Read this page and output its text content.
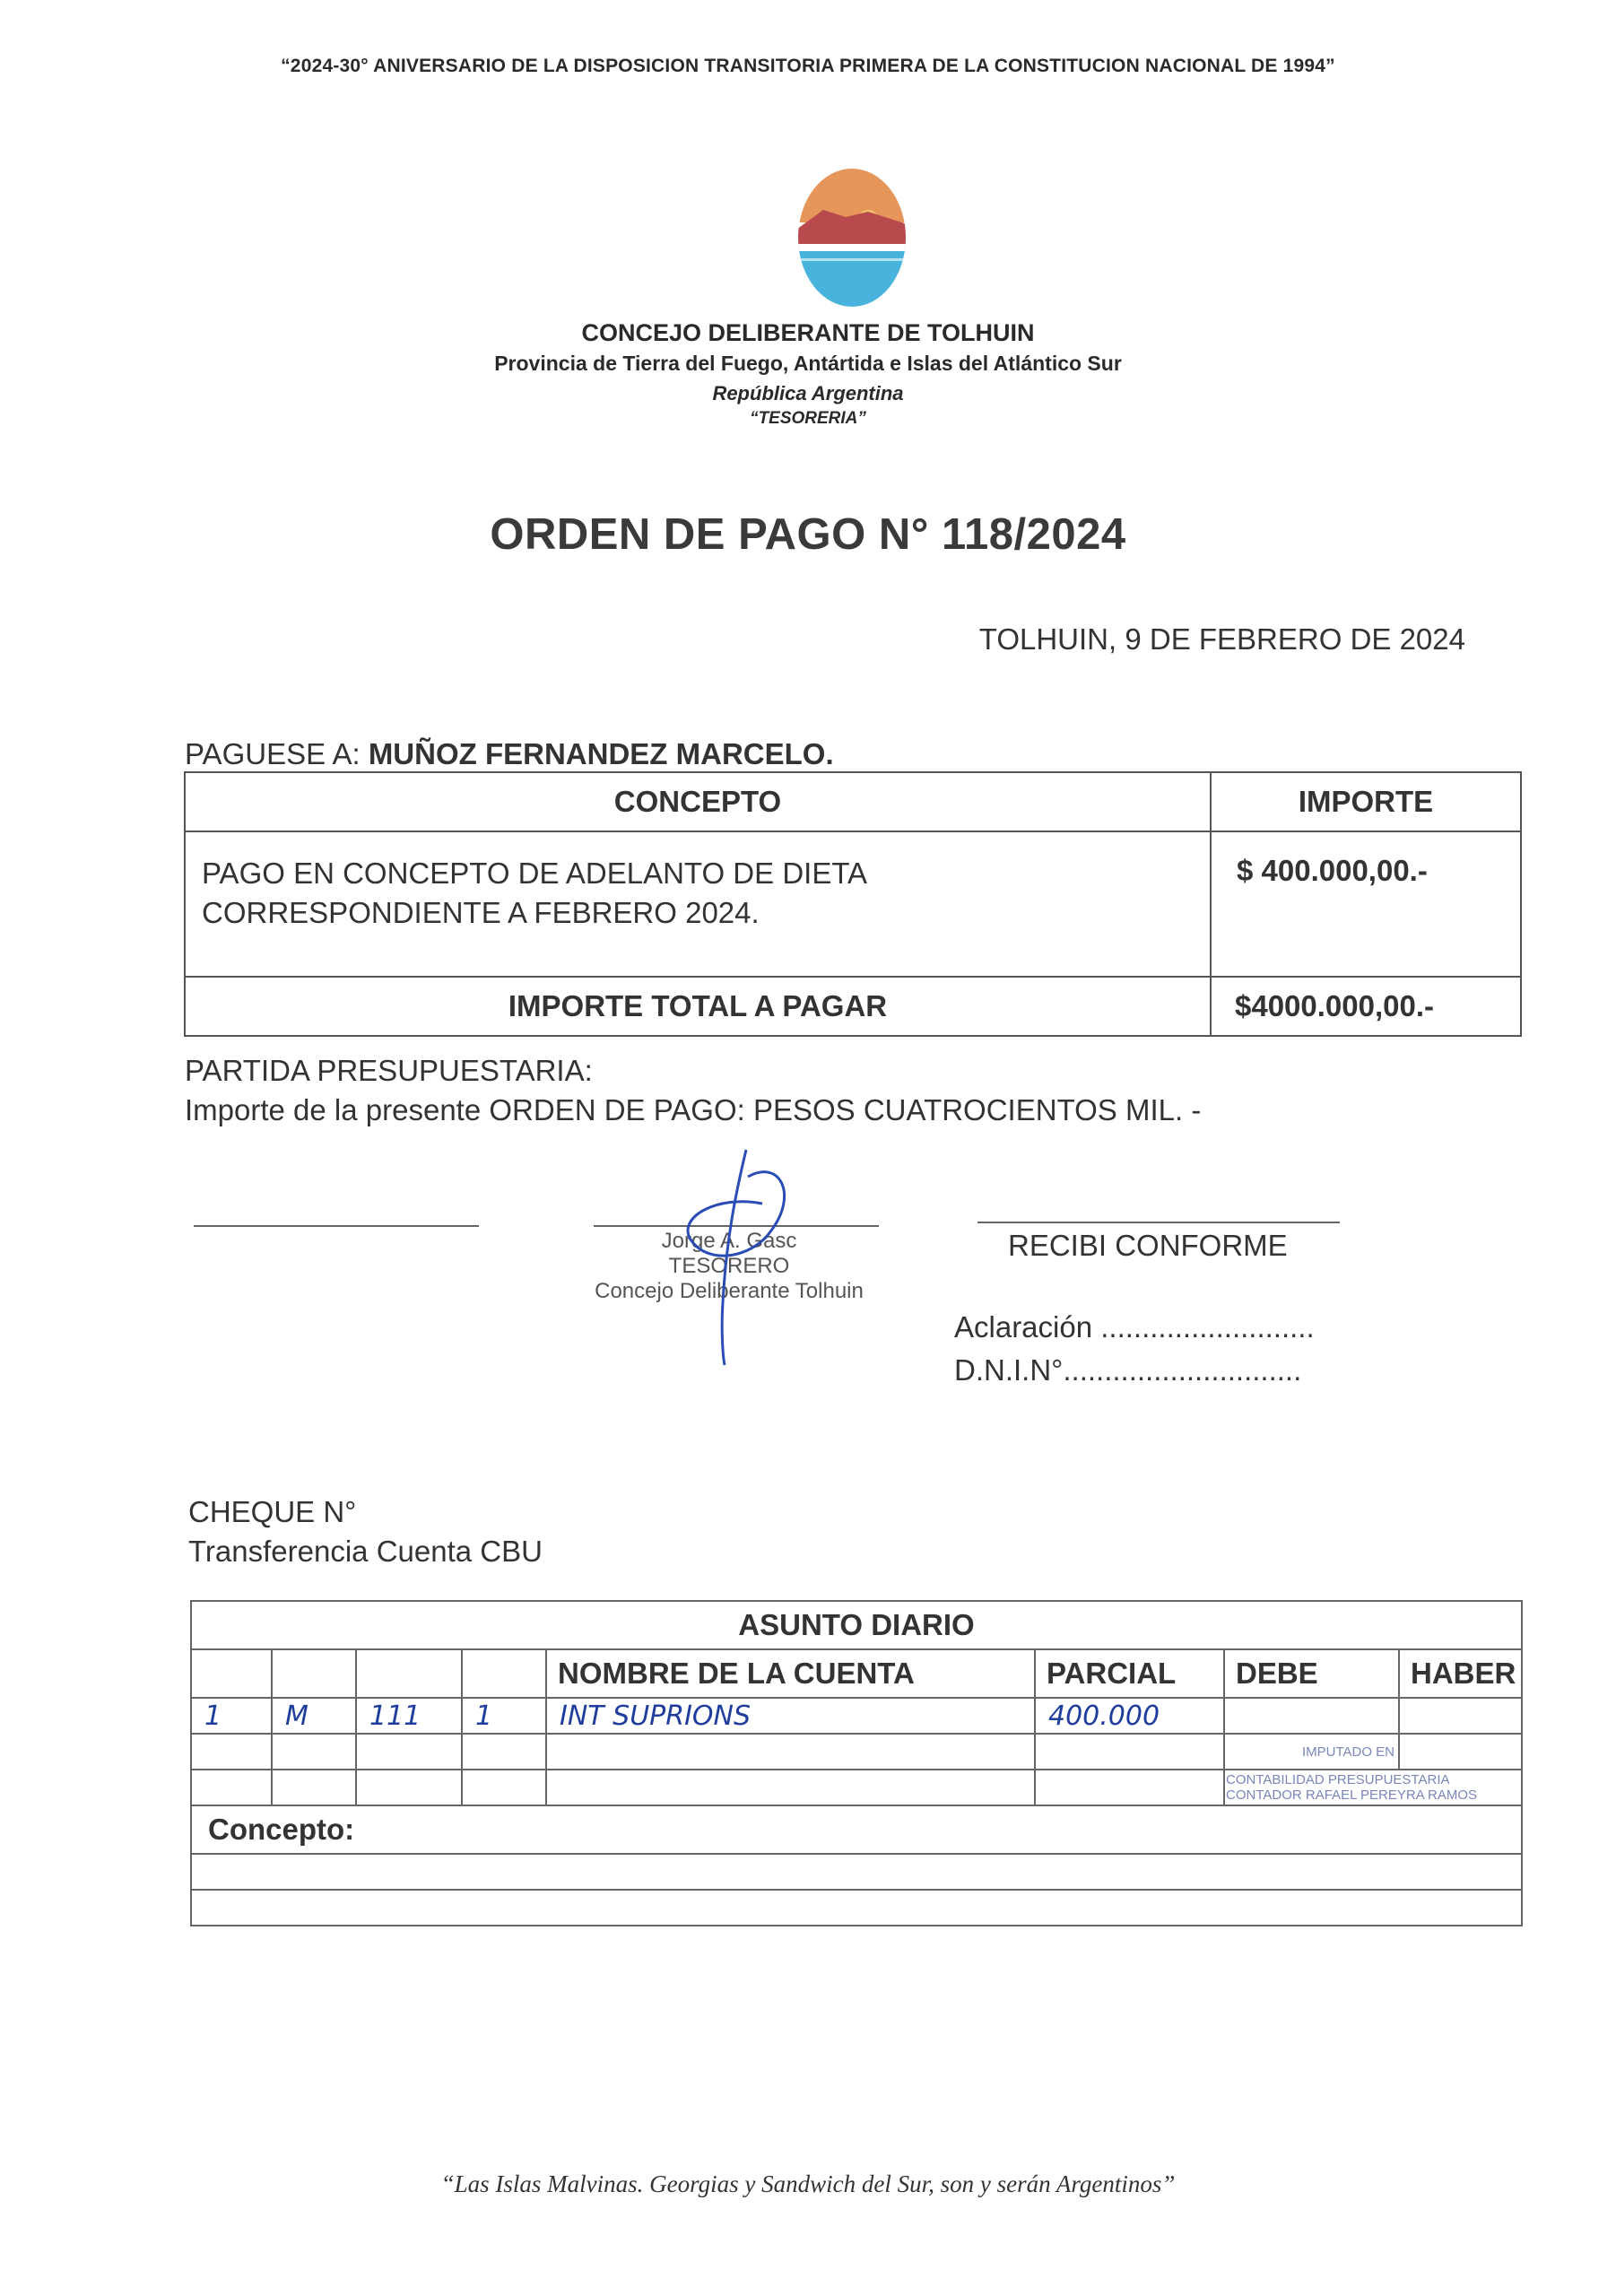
“2024-30° ANIVERSARIO DE LA DISPOSICION TRANSITORIA PRIMERA DE LA CONSTITUCION NACIONAL DE 1994”
CONCEJO DELIBERANTE DE TOLHUIN
Provincia de Tierra del Fuego, Antártida e Islas del Atlántico Sur
República Argentina
“TESORERIA”
ORDEN DE PAGO N° 118/2024
TOLHUIN, 9 DE FEBRERO DE 2024
PAGUESE A: MUÑOZ FERNANDEZ MARCELO.
CONCEPTO	IMPORTE

PAGO EN CONCEPTO DE ADELANTO DE DIETA
CORRESPONDIENTE A FEBRERO 2024.	$ 400.000,00.-
IMPORTE TOTAL A PAGAR	$4000.000,00.-
PARTIDA PRESUPUESTARIA:
Importe de la presente ORDEN DE PAGO: PESOS CUATROCIENTOS MIL. -
Jorge A. Gasc
TESORERO
Concejo Deliberante Tolhuin
RECIBI CONFORME
Aclaración ..........................
D.N.I.N°.............................
CHEQUE N°
Transferencia Cuenta CBU
ASUNTO DIARIO							
				NOMBRE DE LA CUENTA	PARCIAL	DEBE	HABER
1	M	111	1	INT SUPRIONS	400.000		

						IMPUTADO EN	

						CONTABILIDAD PRESUPUESTARIA
CONTADOR RAFAEL PEREYRA RAMOS	

Concepto:							

“Las Islas Malvinas. Georgias y Sandwich del Sur, son y serán Argentinos”
